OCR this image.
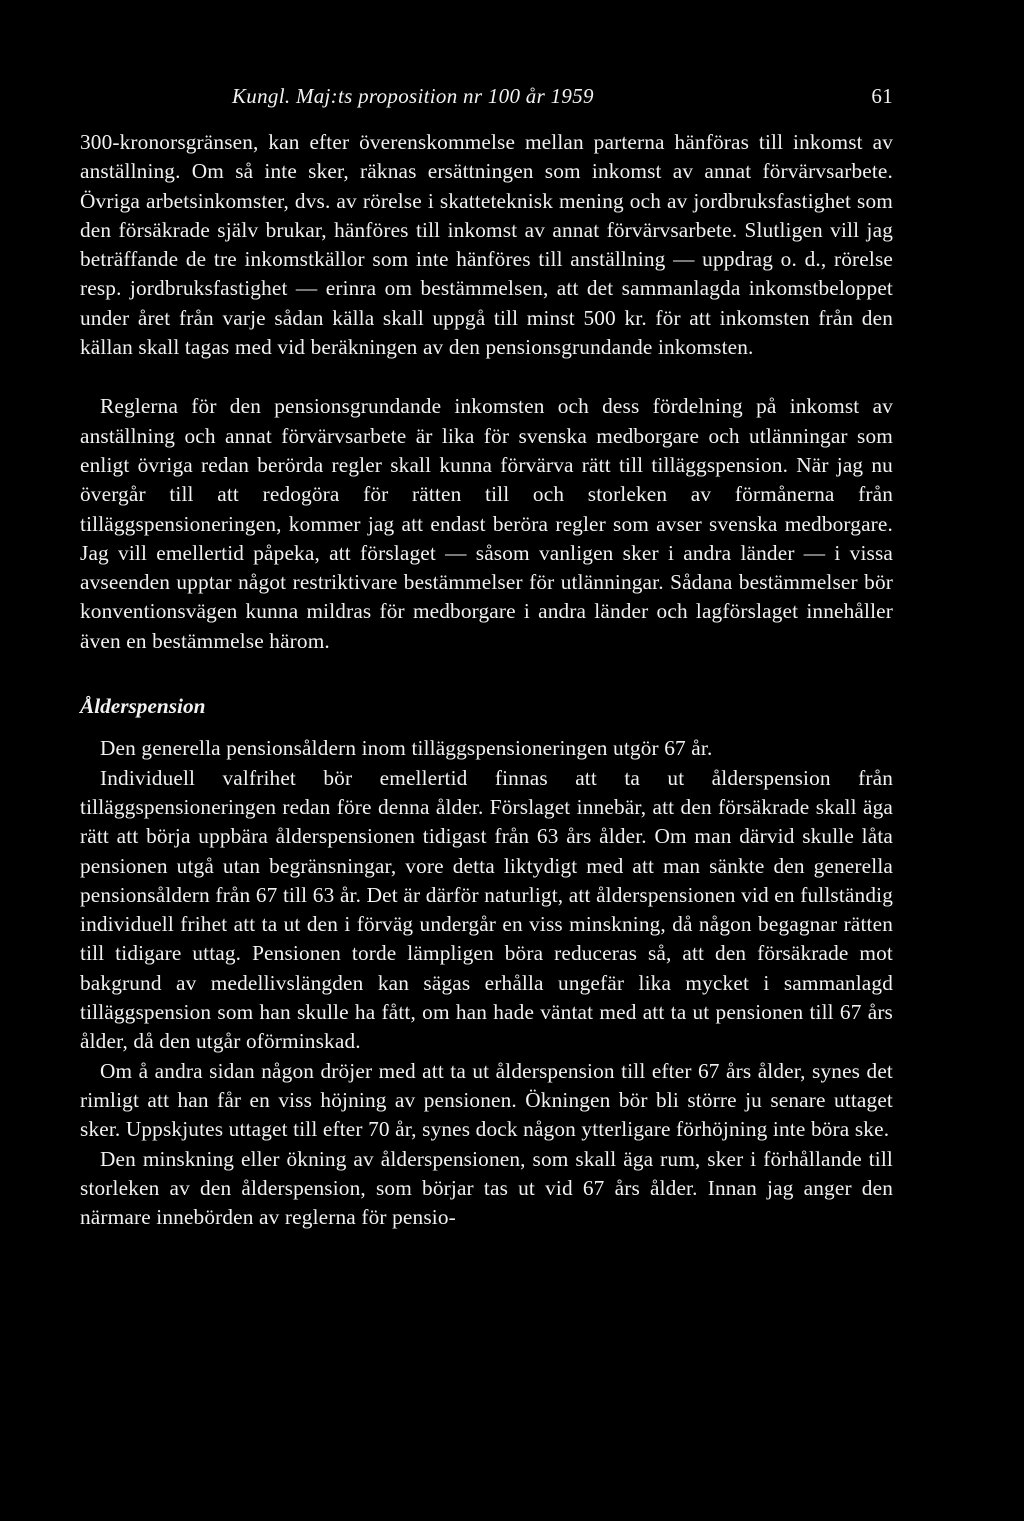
Kungl. Maj:ts proposition nr 100 år 1959	61

300-kronorsgränsen, kan efter överenskommelse mellan parterna hänföras till inkomst av anställning. Om så inte sker, räknas ersättningen som inkomst av annat förvärvsarbete. Övriga arbetsinkomster, dvs. av rörelse i skatteteknisk mening och av jordbruksfastighet som den försäkrade själv brukar, hänföres till inkomst av annat förvärvsarbete. Slutligen vill jag beträffande de tre inkomstkällor som inte hänföres till anställning — uppdrag o. d., rörelse resp. jordbruksfastighet — erinra om bestämmelsen, att det sammanlagda inkomstbeloppet under året från varje sådan källa skall uppgå till minst 500 kr. för att inkomsten från den källan skall tagas med vid beräkningen av den pensionsgrundande inkomsten.

Reglerna för den pensionsgrundande inkomsten och dess fördelning på inkomst av anställning och annat förvärvsarbete är lika för svenska medborgare och utlänningar som enligt övriga redan berörda regler skall kunna förvärva rätt till tilläggspension. När jag nu övergår till att redogöra för rätten till och storleken av förmånerna från tilläggspensioneringen, kommer jag att endast beröra regler som avser svenska medborgare. Jag vill emellertid påpeka, att förslaget — såsom vanligen sker i andra länder — i vissa avseenden upptar något restriktivare bestämmelser för utlänningar. Sådana bestämmelser bör konventionsvägen kunna mildras för medborgare i andra länder och lagförslaget innehåller även en bestämmelse härom.

Ålderspension

Den generella pensionsåldern inom tilläggspensioneringen utgör 67 år.

Individuell valfrihet bör emellertid finnas att ta ut ålderspension från tilläggspensioneringen redan före denna ålder. Förslaget innebär, att den försäkrade skall äga rätt att börja uppbära ålderspensionen tidigast från 63 års ålder. Om man därvid skulle låta pensionen utgå utan begränsningar, vore detta liktydigt med att man sänkte den generella pensionsåldern från 67 till 63 år. Det är därför naturligt, att ålderspensionen vid en fullständig individuell frihet att ta ut den i förväg undergår en viss minskning, då någon begagnar rätten till tidigare uttag. Pensionen torde lämpligen böra reduceras så, att den försäkrade mot bakgrund av medellivslängden kan sägas erhålla ungefär lika mycket i sammanlagd tilläggspension som han skulle ha fått, om han hade väntat med att ta ut pensionen till 67 års ålder, då den utgår oförminskad.

Om å andra sidan någon dröjer med att ta ut ålderspension till efter 67 års ålder, synes det rimligt att han får en viss höjning av pensionen. Ökningen bör bli större ju senare uttaget sker. Uppskjutes uttaget till efter 70 år, synes dock någon ytterligare förhöjning inte böra ske.

Den minskning eller ökning av ålderspensionen, som skall äga rum, sker i förhållande till storleken av den ålderspension, som börjar tas ut vid 67 års ålder. Innan jag anger den närmare innebörden av reglerna för pensio-
